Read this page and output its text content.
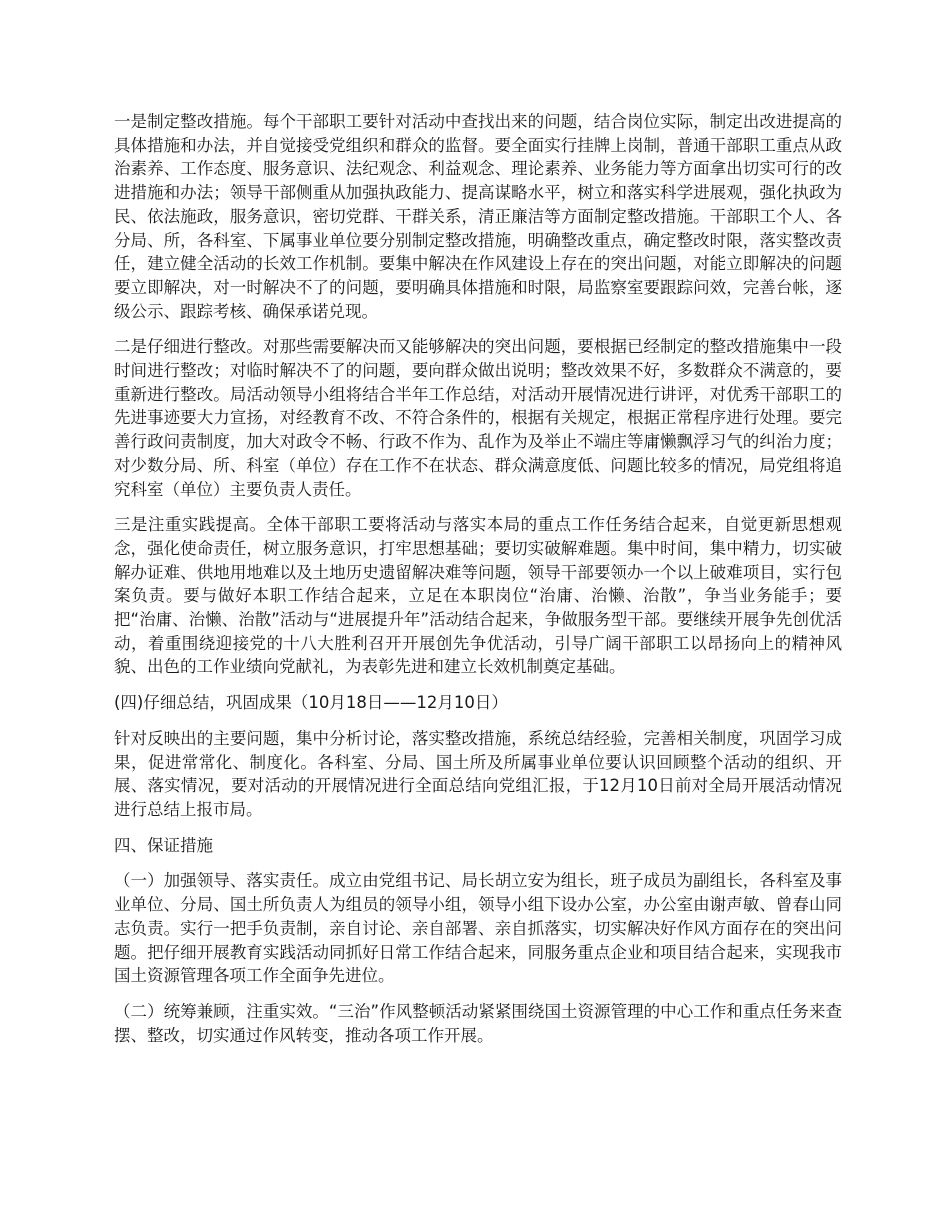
一是制定整改措施。每个干部职工要针对活动中查找出来的问题，结合岗位实际，制定出改进提高的具体措施和办法，并自觉接受党组织和群众的监督。要全面实行挂牌上岗制，普通干部职工重点从政治素养、工作态度、服务意识、法纪观念、利益观念、理论素养、业务能力等方面拿出切实可行的改进措施和办法；领导干部侧重从加强执政能力、提高谋略水平，树立和落实科学进展观，强化执政为民、依法施政，服务意识，密切党群、干群关系，清正廉洁等方面制定整改措施。干部职工个人、各分局、所，各科室、下属事业单位要分别制定整改措施，明确整改重点，确定整改时限，落实整改责任，建立健全活动的长效工作机制。要集中解决在作风建设上存在的突出问题，对能立即解决的问题要立即解决，对一时解决不了的问题，要明确具体措施和时限，局监察室要跟踪问效，完善台帐，逐级公示、跟踪考核、确保承诺兑现。

二是仔细进行整改。对那些需要解决而又能够解决的突出问题，要根据已经制定的整改措施集中一段时间进行整改；对临时解决不了的问题，要向群众做出说明；整改效果不好，多数群众不满意的，要重新进行整改。局活动领导小组将结合半年工作总结，对活动开展情况进行讲评，对优秀干部职工的先进事迹要大力宣扬，对经教育不改、不符合条件的，根据有关规定，根据正常程序进行处理。要完善行政问责制度，加大对政令不畅、行政不作为、乱作为及举止不端庄等庸懒飘浮习气的纠治力度；对少数分局、所、科室（单位）存在工作不在状态、群众满意度低、问题比较多的情况，局党组将追究科室（单位）主要负责人责任。

三是注重实践提高。全体干部职工要将活动与落实本局的重点工作任务结合起来，自觉更新思想观念，强化使命责任，树立服务意识，打牢思想基础；要切实破解难题。集中时间，集中精力，切实破解办证难、供地用地难以及土地历史遗留解决难等问题，领导干部要领办一个以上破难项目，实行包案负责。要与做好本职工作结合起来，立足在本职岗位“治庸、治懒、治散”，争当业务能手；要把“治庸、治懒、治散”活动与“进展提升年”活动结合起来，争做服务型干部。要继续开展争先创优活动，着重围绕迎接党的十八大胜利召开开展创先争优活动，引导广阔干部职工以昂扬向上的精神风貌、出色的工作业绩向党献礼，为表彰先进和建立长效机制奠定基础。

(四)仔细总结，巩固成果（10月18日——12月10日）

针对反映出的主要问题，集中分析讨论，落实整改措施，系统总结经验，完善相关制度，巩固学习成果，促进常常化、制度化。各科室、分局、国土所及所属事业单位要认识回顾整个活动的组织、开展、落实情况，要对活动的开展情况进行全面总结向党组汇报，于12月10日前对全局开展活动情况进行总结上报市局。

四、保证措施

（一）加强领导、落实责任。成立由党组书记、局长胡立安为组长，班子成员为副组长，各科室及事业单位、分局、国土所负责人为组员的领导小组，领导小组下设办公室，办公室由谢声敏、曾春山同志负责。实行一把手负责制，亲自讨论、亲自部署、亲自抓落实，切实解决好作风方面存在的突出问题。把仔细开展教育实践活动同抓好日常工作结合起来，同服务重点企业和项目结合起来，实现我市国土资源管理各项工作全面争先进位。

（二）统筹兼顾，注重实效。“三治”作风整顿活动紧紧围绕国土资源管理的中心工作和重点任务来查摆、整改，切实通过作风转变，推动各项工作开展。
